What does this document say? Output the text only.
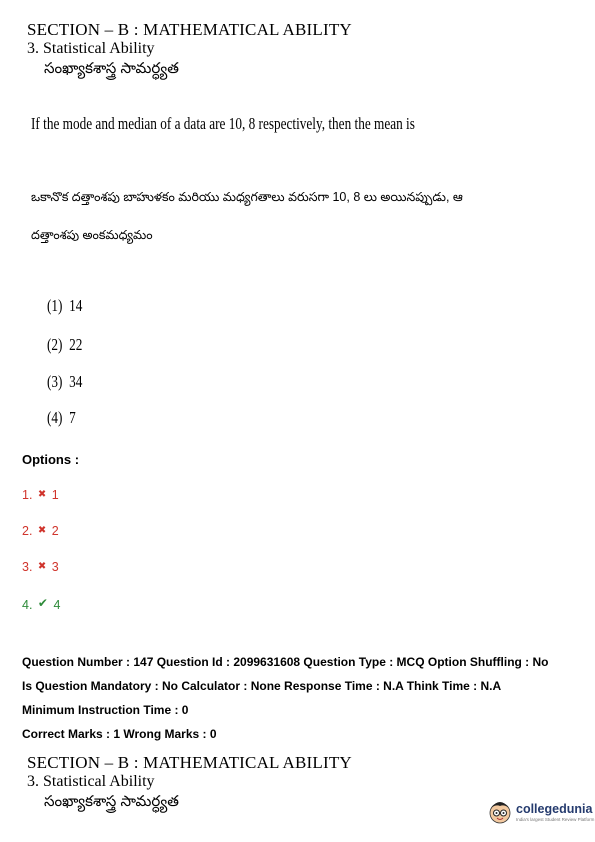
SECTION – B : MATHEMATICAL ABILITY
3. Statistical Ability
సంఖ్యాకశాస్త్ర సామర్ధ్యత
If the mode and median of a data are 10, 8 respectively, then the mean is
ఒకానొక దత్తాంశపు బాహుళకం మరియు మధ్యగతాలు వరుసగా 10, 8 లు అయినప్పుడు, ఆ
దత్తాంశపు అంకమధ్యమం
(1) 14
(2) 22
(3) 34
(4) 7
Options :
1. ✖ 1
2. ✖ 2
3. ✖ 3
4. ✔ 4
Question Number : 147 Question Id : 2099631608 Question Type : MCQ Option Shuffling : No
Is Question Mandatory : No Calculator : None Response Time : N.A Think Time : N.A
Minimum Instruction Time : 0
Correct Marks : 1 Wrong Marks : 0
SECTION – B : MATHEMATICAL ABILITY
3. Statistical Ability
సంఖ్యాకశాస్త్ర సామర్ధ్యత	collegedunia
India's largest Student Review Platform
